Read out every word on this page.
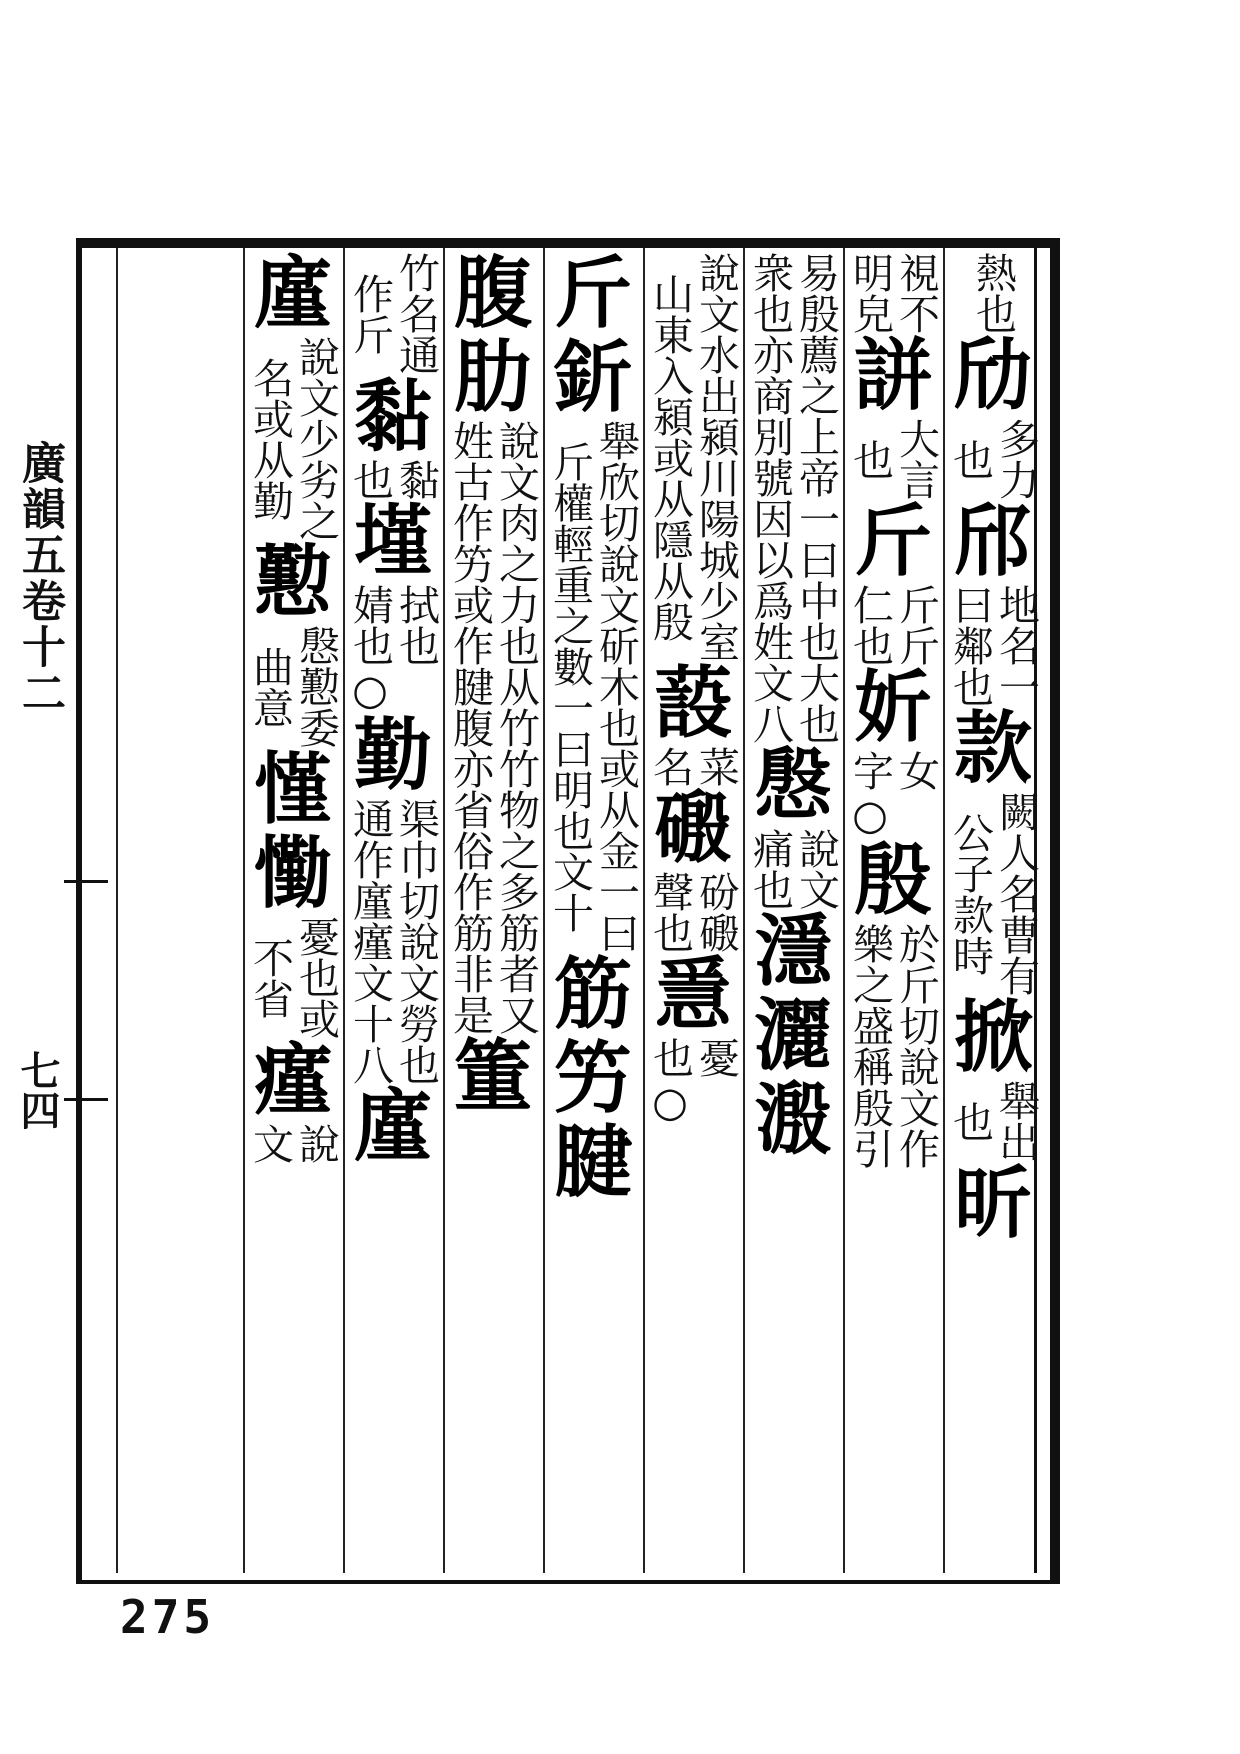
廣韻五卷十二
七四
熱也
劤
多力
也
邤
地名一
曰鄰也
款
闕人名曹有
公子款時
掀
舉出
也
昕
視不
明皃
誁
大言
也
斤
斤斤
仁也
妡
女
字
○
殷
於斤切說文作
樂之盛稱殷引
易殷薦之上帝一曰中也大也
衆也亦商別號因以爲姓文八
慇
說文
痛也
濦
灑
溵
說文水出潁川陽城少室
山東入潁或从隱从殷
蔎
菜
名
磤
砏磤
聲也
㥯
憂
也
○
斤
釿
舉欣切說文斫木也或从金一曰
斤權輕重之數一曰明也文十
筋
竻
腱
腹
肋
說文肉之力也从竹竹物之多筋者又
姓古作竻或作腱腹亦省俗作筋非是
箽
竹名通
作斤
黏
黏
也
墐
拭也
婧也
○
勤
渠巾切說文勞也
通作廑瘽文十八
廑
廑
說文少劣之
名或从勤
懃
慇懃委
曲意
慬
懄
憂也或
不省
瘽
說
文
275
